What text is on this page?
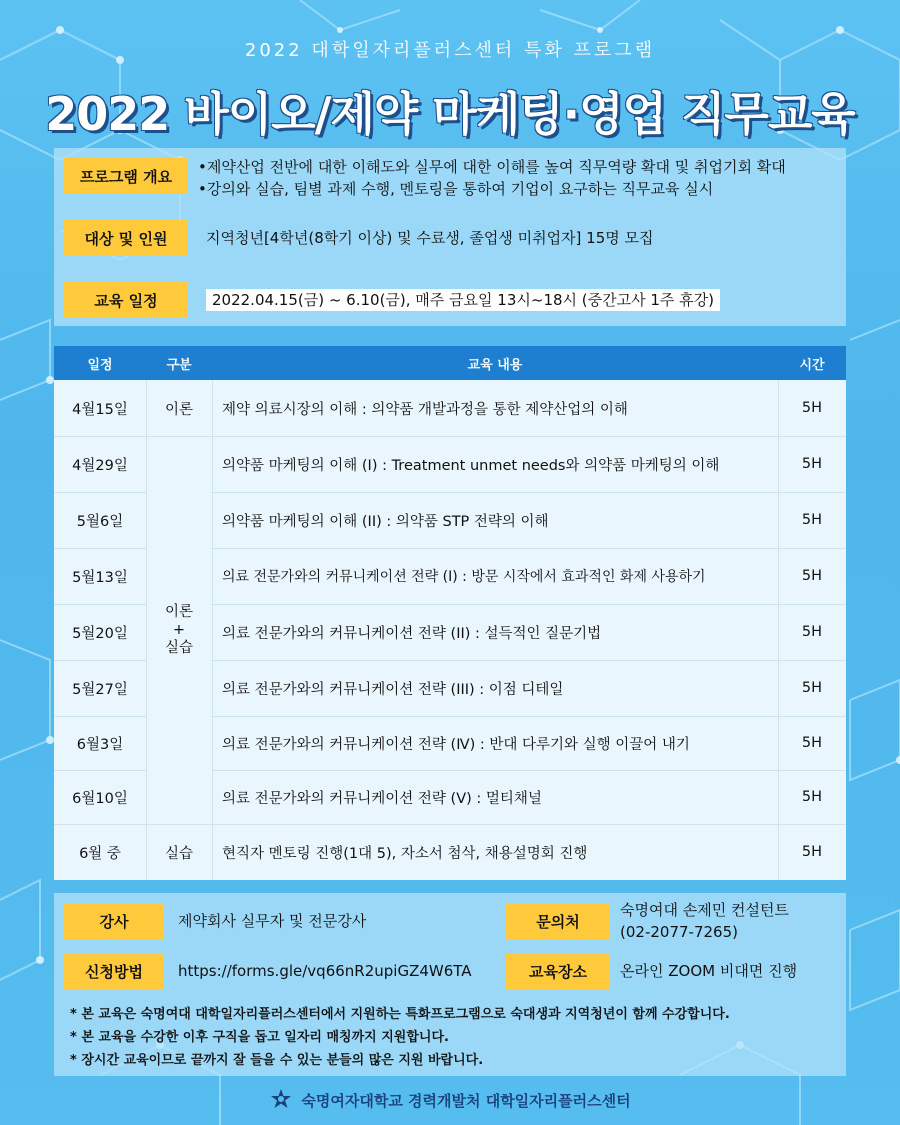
2022 대학일자리플러스센터 특화 프로그램
2022 바이오/제약 마케팅·영업 직무교육
프로그램 개요
•제약산업 전반에 대한 이해도와 실무에 대한 이해를 높여 직무역량 확대 및 취업기회 확대
•강의와 실습, 팀별 과제 수행, 멘토링을 통하여 기업이 요구하는 직무교육 실시
대상 및 인원	지역청년[4학년(8학기 이상) 및 수료생, 졸업생 미취업자] 15명 모집
교육 일정	2022.04.15(금) ~ 6.10(금), 매주 금요일 13시~18시 (중간고사 1주 휴강)
일정	구분	교육 내용	시간
4월15일	이론	제약 의료시장의 이해 : 의약품 개발과정을 통한 제약산업의 이해	5H
이론
+
실습
4월29일	의약품 마케팅의 이해 (I) : Treatment unmet needs와 의약품 마케팅의 이해	5H
5월6일	의약품 마케팅의 이해 (II) : 의약품 STP 전략의 이해	5H
5월13일	의료 전문가와의 커뮤니케이션 전략 (I) : 방문 시작에서 효과적인 화제 사용하기	5H
5월20일	의료 전문가와의 커뮤니케이션 전략 (II) : 설득적인 질문기법	5H
5월27일	의료 전문가와의 커뮤니케이션 전략 (III) : 이점 디테일	5H
6월3일	의료 전문가와의 커뮤니케이션 전략 (Ⅳ) : 반대 다루기와 실행 이끌어 내기	5H
6월10일	의료 전문가와의 커뮤니케이션 전략 (Ⅴ) : 멀티채널	5H
6월 중	실습	현직자 멘토링 진행(1대 5), 자소서 첨삭, 채용설명회 진행	5H
강사	제약회사 실무자 및 전문강사
신청방법	https://forms.gle/vq66nR2upiGZ4W6TA
문의처
숙명여대 손제민 컨설턴트
(02-2077-7265)
교육장소	온라인 ZOOM 비대면 진행
* 본 교육은 숙명여대 대학일자리플러스센터에서 지원하는 특화프로그램으로 숙대생과 지역청년이 함께 수강합니다.
* 본 교육을 수강한 이후 구직을 돕고 일자리 매칭까지 지원합니다.
* 장시간 교육이므로 끝까지 잘 들을 수 있는 분들의 많은 지원 바랍니다.
숙명여자대학교 경력개발처 대학일자리플러스센터
